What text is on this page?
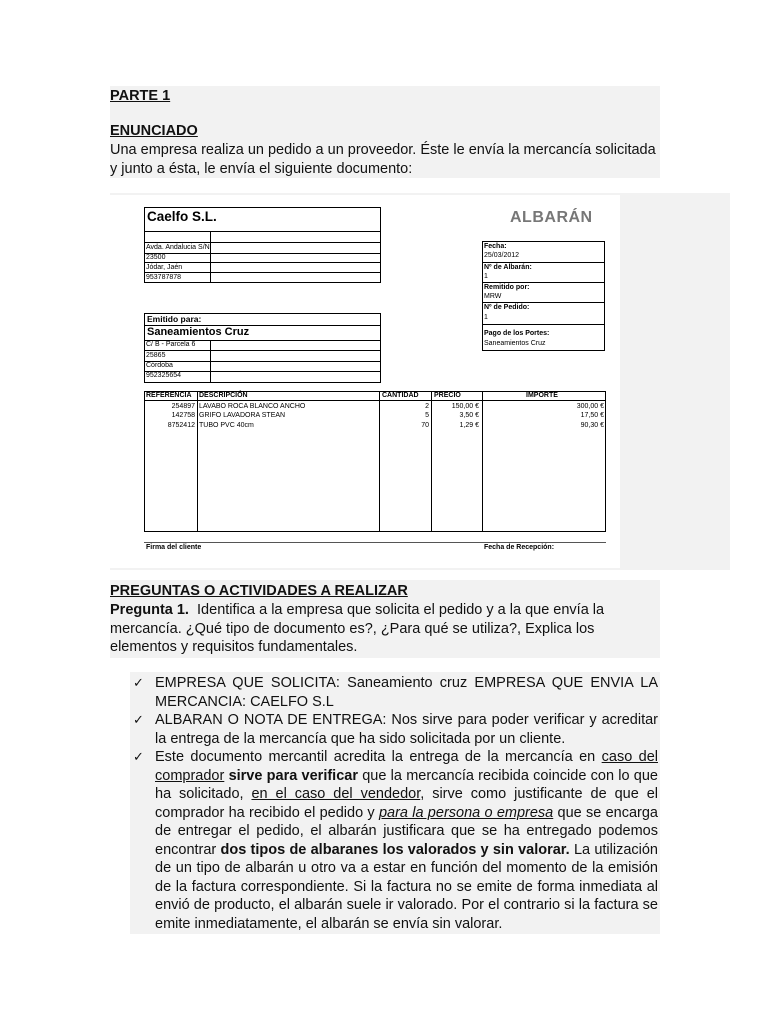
PARTE 1
ENUNCIADO
Una empresa realiza un pedido a un proveedor. Éste le envía la mercancía solicitada y junto a ésta, le envía el siguiente documento:
Caelfo S.L.	ALBARÁN
Avda. Andalucia S/N
23500
Jódar, Jaén
953787878
Fecha:
25/03/2012
Nº de Albarán:
1
Remitido por:
MRW
Nº de Pedido:
1
Pago de los Portes:
Saneamientos Cruz
Emitido para:
Saneamientos Cruz
C/ B - Parcela 6
25865
Córdoba
952325654
REFERENCIA DESCRIPCIÓN	CANTIDAD PRECIO	IMPORTE
254897 LAVABO ROCA BLANCO ANCHO	2	150,00 €	300,00 €
142758 GRIFO LAVADORA STEAN	5	3,50 €	17,50 €
8752412 TUBO PVC 40cm	70	1,29 €	90,30 €
Firma del cliente	Fecha de Recepción:
PREGUNTAS O ACTIVIDADES A REALIZAR
Pregunta 1. Identifica a la empresa que solicita el pedido y a la que envía la mercancía. ¿Qué tipo de documento es?, ¿Para qué se utiliza?, Explica los elementos y requisitos fundamentales.
✓ EMPRESA QUE SOLICITA: Saneamiento cruz EMPRESA QUE ENVIA LA MERCANCIA: CAELFO S.L
✓ ALBARAN O NOTA DE ENTREGA: Nos sirve para poder verificar y acreditar la entrega de la mercancía que ha sido solicitada por un cliente.
✓ Este documento mercantil acredita la entrega de la mercancía en caso del comprador sirve para verificar que la mercancía recibida coincide con lo que ha solicitado, en el caso del vendedor, sirve como justificante de que el comprador ha recibido el pedido y para la persona o empresa que se encarga de entregar el pedido, el albarán justificara que se ha entregado podemos encontrar dos tipos de albaranes los valorados y sin valorar. La utilización de un tipo de albarán u otro va a estar en función del momento de la emisión de la factura correspondiente. Si la factura no se emite de forma inmediata al envió de producto, el albarán suele ir valorado. Por el contrario si la factura se emite inmediatamente, el albarán se envía sin valorar.
